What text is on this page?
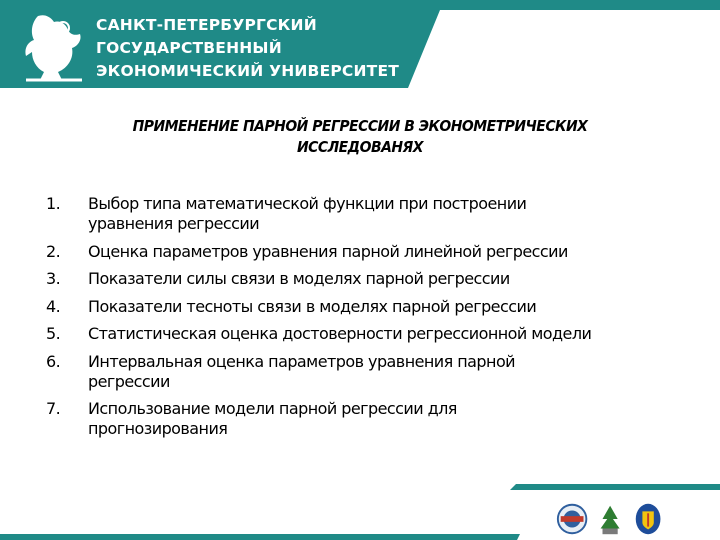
САНКТ-ПЕТЕРБУРГСКИЙ
ГОСУДАРСТВЕННЫЙ
ЭКОНОМИЧЕСКИЙ УНИВЕРСИТЕТ
ПРИМЕНЕНИЕ ПАРНОЙ РЕГРЕССИИ В ЭКОНОМЕТРИЧЕСКИХ
ИССЛЕДОВАНЯХ
1. Выбор типа математической функции при построении
уравнения регрессии
2. Оценка параметров уравнения парной линейной регрессии
3. Показатели силы связи в моделях парной регрессии
4. Показатели тесноты связи в моделях парной регрессии
5. Статистическая оценка достоверности регрессионной модели
6. Интервальная оценка параметров уравнения парной
регрессии
7. Использование модели парной регрессии для
прогнозирования
